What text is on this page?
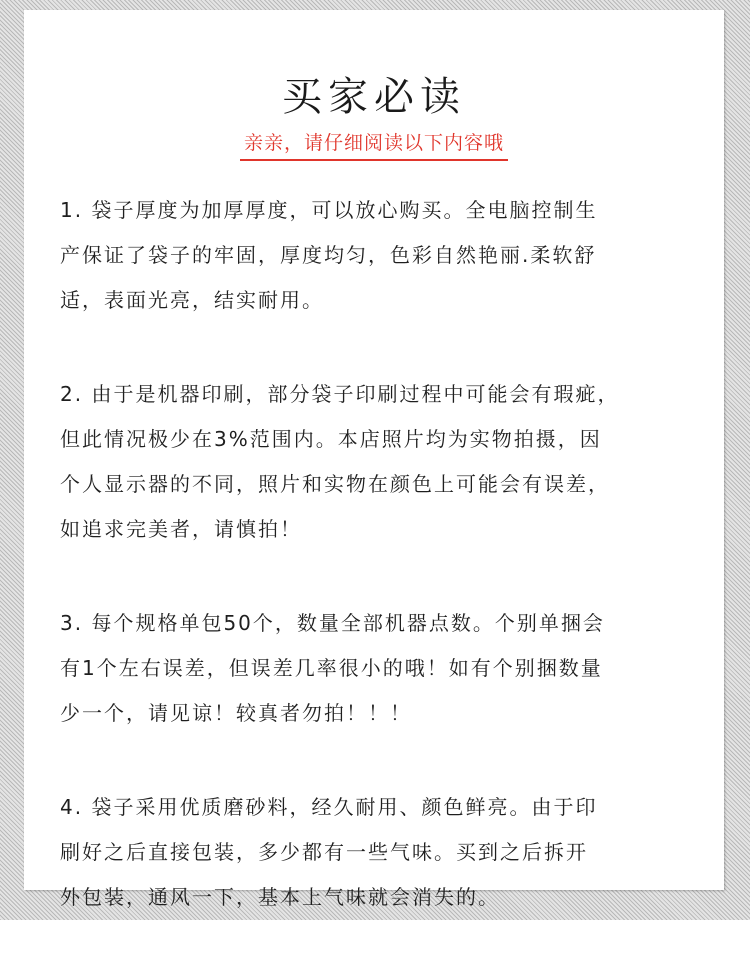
买家必读
亲亲，请仔细阅读以下内容哦

1. 袋子厚度为加厚厚度，可以放心购买。全电脑控制生
产保证了袋子的牢固，厚度均匀，色彩自然艳丽.柔软舒
适，表面光亮，结实耐用。

2. 由于是机器印刷，部分袋子印刷过程中可能会有瑕疵，
但此情况极少在3%范围内。本店照片均为实物拍摄，因
个人显示器的不同，照片和实物在颜色上可能会有误差，
如追求完美者，请慎拍！

3. 每个规格单包50个，数量全部机器点数。个别单捆会
有1个左右误差，但误差几率很小的哦！如有个别捆数量
少一个，请见谅！较真者勿拍！！！

4. 袋子采用优质磨砂料，经久耐用、颜色鲜亮。由于印
刷好之后直接包装，多少都有一些气味。买到之后拆开
外包装，通风一下，基本上气味就会消失的。
